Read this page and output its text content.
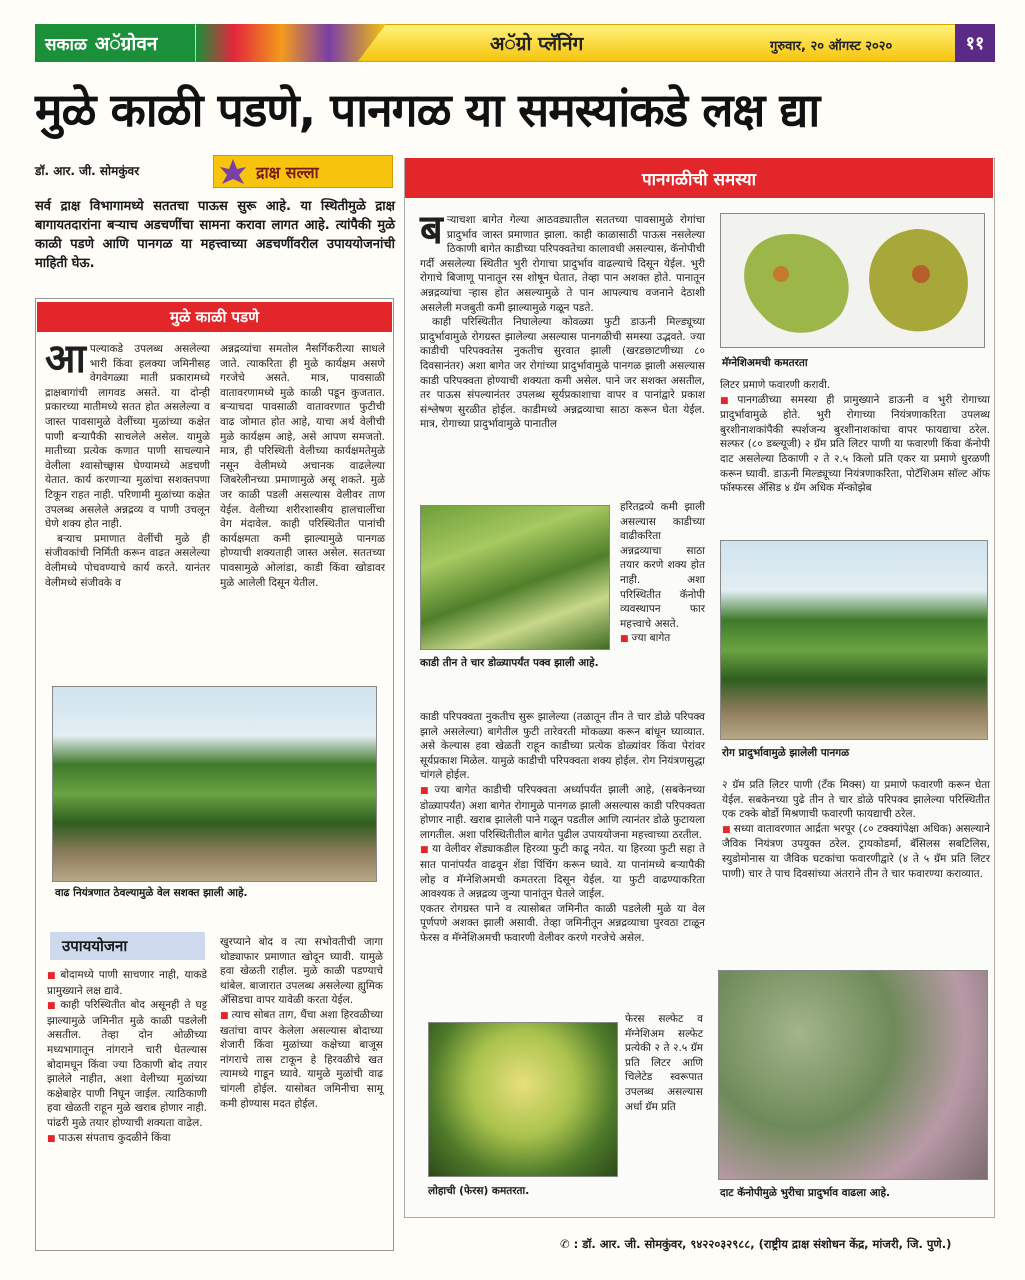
सकाळ अॅग्रोवन	अॅग्रो प्लॅनिंग	गुरुवार, २० ऑगस्ट २०२०	११
मुळे काळी पडणे, पानगळ या समस्यांकडे लक्ष द्या
डॉ. आर. जी. सोमकुंवर	द्राक्ष सल्ला
सर्व द्राक्ष विभागामध्ये सततचा पाऊस सुरू आहे. या स्थितीमुळे द्राक्ष बागायतदारांना बऱ्याच अडचणींचा सामना करावा लागत आहे. त्यांपैकी मुळे काळी पडणे आणि पानगळ या महत्त्वाच्या अडचणींवरील उपाययोजनांची माहिती घेऊ.
मुळे काळी पडणे
आपल्याकडे उपलब्ध असलेल्या भारी किंवा हलक्या जमिनीसह वेगवेगळ्या माती प्रकारामध्ये द्राक्षबागांची लागवड असते. या दोन्ही प्रकारच्या मातीमध्ये सतत होत असलेल्या व जास्त पावसामुळे वेलींच्या मुळांच्या कक्षेत पाणी बऱ्यापैकी साचलेले असेल. यामुळे मातीच्या प्रत्येक कणात पाणी साचल्याने वेलीला श्वासोच्छ्वास घेण्यामध्ये अडचणी येतात. कार्य करणाऱ्या मुळांचा सशक्तपणा टिकून राहत नाही. परिणामी मुळांच्या कक्षेत उपलब्ध असलेले अन्नद्रव्य व पाणी उचलून घेणे शक्य होत नाही.
बऱ्याच प्रमाणात वेलींची मुळे ही संजीवकांची निर्मिती करून वाढत असलेल्या वेलीमध्ये पोचवण्याचे कार्य करते. यानंतर वेलीमध्ये संजीवके व
अन्नद्रव्यांचा समतोल नैसर्गिकरीत्या साधले जाते. त्याकरिता ही मुळे कार्यक्षम असणे गरजेचे असते. मात्र, पावसाळी वातावरणामध्ये मुळे काळी पडून कुजतात. बऱ्याचदा पावसाळी वातावरणात फुटीची वाढ जोमात होत आहे, याचा अर्थ वेलीची मुळे कार्यक्षम आहे, असे आपण समजतो. मात्र, ही परिस्थिती वेलीच्या कार्यक्षमतेमुळे नसून वेलीमध्ये अचानक वाढलेल्या जिबरेलीनच्या प्रमाणामुळे असू शकते. मुळे जर काळी पडली असल्यास वेलीवर ताण येईल. वेलीच्या शरीरशास्त्रीय हालचालींचा वेग मंदावेल. काही परिस्थितीत पानांची कार्यक्षमता कमी झाल्यामुळे पानगळ होण्याची शक्यताही जास्त असेल. सततच्या पावसामुळे ओलांडा, काडी किंवा खोडावर मुळे आलेली दिसून येतील.
वाढ नियंत्रणात ठेवल्यामुळे वेल सशक्त झाली आहे.
उपाययोजना
■ बोदामध्ये पाणी साचणार नाही, याकडे प्रामुख्याने लक्ष द्यावे.
■ काही परिस्थितीत बोद असूनही ते घट्ट झाल्यामुळे जमिनीत मुळे काळी पडलेली असतील. तेव्हा दोन ओळीच्या मध्यभागातून नांगराने चारी घेतल्यास बोदामधून किंवा ज्या ठिकाणी बोद तयार झालेले नाहीत, अशा वेलीच्या मुळांच्या कक्षेबाहेर पाणी निघून जाईल. त्याठिकाणी हवा खेळती राहून मुळे खराब होणार नाही. पांढरी मुळे तयार होण्याची शक्यता वाढेल.
■ पाऊस संपताच कुदळीने किंवा
खुरप्याने बोद व त्या सभोवतीची जागा थोड्याफार प्रमाणात खोदून घ्यावी. यामुळे हवा खेळती राहील. मुळे काळी पडण्याचे थांबेल. बाजारात उपलब्ध असलेल्या ह्युमिक ॲसिडचा वापर यावेळी करता येईल.
■ त्याच सोबत ताग, धैंचा अशा हिरवळीच्या खतांचा वापर केलेला असल्यास बोदाच्या शेजारी किंवा मुळांच्या कक्षेच्या बाजूस नांगराचे तास टाकून हे हिरवळीचे खत त्यामध्ये गाडून घ्यावे. यामुळे मुळांची वाढ चांगली होईल. यासोबत जमिनीचा सामू कमी होण्यास मदत होईल.
पानगळीची समस्या
बऱ्याचशा बागेत गेल्या आठवड्यातील सततच्या पावसामुळे रोगांचा प्रादुर्भाव जास्त प्रमाणात झाला. काही काळासाठी पाऊस नसलेल्या ठिकाणी बागेत काडीच्या परिपक्वतेचा कालावधी असल्यास, कॅनोपीची गर्दी असलेल्या स्थितीत भुरी रोगाचा प्रादुर्भाव वाढल्याचे दिसून येईल. भुरी रोगाचे बिजाणू पानातून रस शोषून घेतात, तेव्हा पान अशक्त होते. पानातून अन्नद्रव्यांचा ऱ्हास होत असल्यामुळे ते पान आपल्याच वजनाने देठाशी असलेली मजबुती कमी झाल्यामुळे गळून पडते.
काही परिस्थितीत निघालेल्या कोवळ्या फुटी डाऊनी मिल्ड्यूच्या प्रादुर्भावामुळे रोगग्रस्त झालेल्या असल्यास पानगळीची समस्या उद्भवते. ज्या काडीची परिपक्वतेस नुकतीच सुरवात झाली (खरडछाटणीच्या ८० दिवसानंतर) अशा बागेत जर रोगांच्या प्रादुर्भावामुळे पानगळ झाली असल्यास काडी परिपक्वता होण्याची शक्यता कमी असेल. पाने जर सशक्त असतील, तर पाऊस संपल्यानंतर उपलब्ध सूर्यप्रकाशाचा वापर व पानांद्वारे प्रकाश संश्लेषण सुरळीत होईल. काडीमध्ये अन्नद्रव्याचा साठा करून घेता येईल. मात्र, रोगाच्या प्रादुर्भावामुळे पानातील
काडी तीन ते चार डोळ्यापर्यंत पक्व झाली आहे.
हरितद्रव्ये कमी झाली असल्यास काडीच्या वाढीकरिता अन्नद्रव्याचा साठा तयार करणे शक्य होत नाही. अशा परिस्थितीत कॅनोपी व्यवस्थापन फार महत्त्वाचे असते.
■ ज्या बागेत
काडी परिपक्वता नुकतीच सुरू झालेल्या (तळातून तीन ते चार डोळे परिपक्व झाले असलेल्या) बागेतील फुटी तारेवरती मोकळ्या करून बांधून घ्याव्यात. असे केल्यास हवा खेळती राहून काडीच्या प्रत्येक डोळ्यांवर किंवा पेरांवर सूर्यप्रकाश मिळेल. यामुळे काडीची परिपक्वता शक्य होईल. रोग नियंत्रणसुद्धा चांगले होईल.
■ ज्या बागेत काडीची परिपक्वता अर्ध्यापर्यंत झाली आहे, (सबकेनच्या डोळ्यापर्यंत) अशा बागेत रोगामुळे पानगळ झाली असल्यास काडी परिपक्वता होणार नाही. खराब झालेली पाने गळून पडतील आणि त्यानंतर डोळे फुटायला लागतील. अशा परिस्थितीतील बागेत पुढील उपाययोजना महत्त्वाच्या ठरतील.
■ या वेलीवर शेंड्याकडील हिरव्या फुटी काढू नयेत. या हिरव्या फुटी सहा ते सात पानांपर्यंत वाढवून शेंडा पिंचिंग करून घ्यावे. या पानांमध्ये बऱ्यापैकी लोह व मॅग्नेशिअमची कमतरता दिसून येईल. या फुटी वाढण्याकरिता आवश्यक ते अन्नद्रव्य जुन्या पानांतून घेतले जाईल.
एकतर रोगग्रस्त पाने व त्यासोबत जमिनीत काळी पडलेली मुळे या वेल पूर्णपणे अशक्त झाली असावी. तेव्हा जमिनीतून अन्नद्रव्याचा पुरवठा टाळून फेरस व मॅग्नेशिअमची फवारणी वेलीवर करणे गरजेचे असेल.
लोहाची (फेरस) कमतरता.
फेरस सल्फेट व मॅग्नेशिअम सल्फेट प्रत्येकी २ ते २.५ ग्रॅम प्रति लिटर आणि चिलेटेड स्वरूपात उपलब्ध असल्यास अर्धा ग्रॅम प्रति
मॅग्नेशिअमची कमतरता
लिटर प्रमाणे फवारणी करावी.
■ पानगळीच्या समस्या ही प्रामुख्याने डाऊनी व भुरी रोगाच्या प्रादुर्भावामुळे होते. भुरी रोगाच्या नियंत्रणाकरिता उपलब्ध बुरशीनाशकांपैकी स्पर्शजन्य बुरशीनाशकांचा वापर फायद्याचा ठरेल. सल्फर (८० डब्ल्यूजी) २ ग्रॅम प्रति लिटर पाणी या फवारणी किंवा कॅनोपी दाट असलेल्या ठिकाणी २ ते २.५ किलो प्रति एकर या प्रमाणे धुरळणी करून घ्यावी. डाऊनी मिल्ड्यूच्या नियंत्रणाकरिता, पोटॅशिअम सॉल्ट ऑफ फॉस्फरस ॲसिड ४ ग्रॅम अधिक मॅन्कोझेब
रोग प्रादुर्भावामुळे झालेली पानगळ
२ ग्रॅम प्रति लिटर पाणी (टँक मिक्स) या प्रमाणे फवारणी करून घेता येईल. सबकेनच्या पुढे तीन ते चार डोळे परिपक्व झालेल्या परिस्थितीत एक टक्के बोर्डो मिश्रणाची फवारणी फायद्याची ठरेल.
■ सध्या वातावरणात आर्द्रता भरपूर (८० टक्क्यांपेक्षा अधिक) असल्याने जैविक नियंत्रण उपयुक्त ठरेल. ट्रायकोडर्मा, बॅसिलस सबटिलिस, स्युडोमोनास या जैविक घटकांचा फवारणीद्वारे (४ ते ५ ग्रॅम प्रति लिटर पाणी) चार ते पाच दिवसांच्या अंतराने तीन ते चार फवारण्या कराव्यात.
दाट कॅनोपीमुळे भुरीचा प्रादुर्भाव वाढला आहे.
✆ : डॉ. आर. जी. सोमकुंवर, ९४२२०३२९८८, (राष्ट्रीय द्राक्ष संशोधन केंद्र, मांजरी, जि. पुणे.)
